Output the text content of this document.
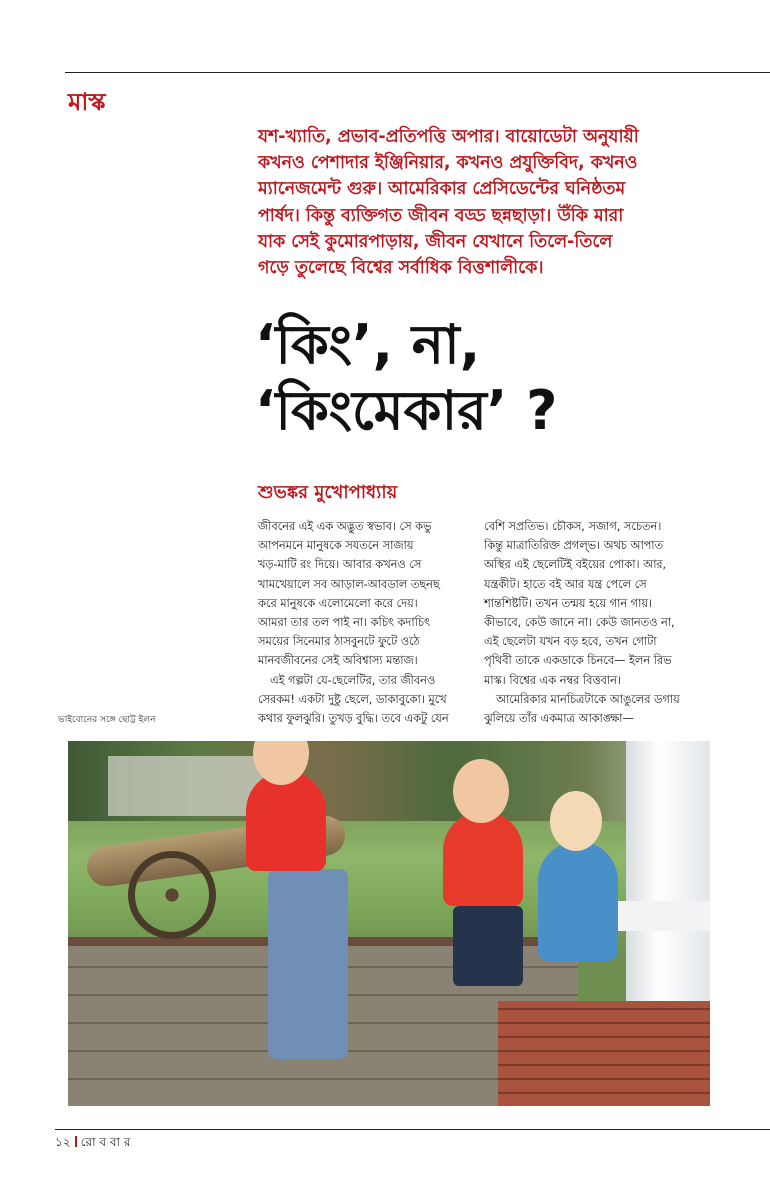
মাস্ক
যশ-খ্যাতি, প্রভাব-প্রতিপত্তি অপার। বায়োডেটা অনুযায়ী
কখনও পেশাদার ইঞ্জিনিয়ার, কখনও প্রযুক্তিবিদ, কখনও
ম্যানেজমেন্ট গুরু। আমেরিকার প্রেসিডেন্টের ঘনিষ্ঠতম
পার্ষদ। কিন্তু ব্যক্তিগত জীবন বড্ড ছন্নছাড়া। উঁকি মারা
যাক সেই কুমোরপাড়ায়, জীবন যেখানে তিলে-তিলে
গড়ে তুলেছে বিশ্বের সর্বাধিক বিত্তশালীকে।
‘কিং’, না,
‘কিংমেকার’ ?
শুভঙ্কর মুখোপাধ্যায়
জীবনের এই এক অদ্ভুত স্বভাব। সে কভু
আপনমনে মানুষকে সযতনে সাজায়
খড়-মাটি রং দিয়ে। আবার কখনও সে
খামখেয়ালে সব আড়াল-আবডাল তছনছ
করে মানুষকে এলোমেলো করে দেয়।
আমরা তার তল পাই না। কচিৎ কদাচিৎ
সময়ের সিনেমার ঠাসবুনটে ফুটে ওঠে
মানবজীবনের সেই অবিশ্বাস্য মন্তাজ।
এই গল্পটা যে-ছেলেটির, তার জীবনও
সেরকম! একটা দুষ্টু ছেলে, ডাকাবুকো। মুখে
কথার ফুলঝুরি। তুখড় বুদ্ধি। তবে একটু যেন
বেশি সপ্রতিভ। চৌকস, সজাগ, সচেতন।
কিন্তু মাত্রাতিরিক্ত প্রগল্‌ভ। অথচ আপাত
অস্থির এই ছেলেটিই বইয়ের পোকা। আর,
যন্ত্রকীট। হাতে বই আর যন্ত্র পেলে সে
শান্তশিষ্টটি। তখন তন্ময় হয়ে গান গায়।
কীভাবে, কেউ জানে না। কেউ জানতও না,
এই ছেলেটা যখন বড় হবে, তখন গোটা
পৃথিবী তাকে একডাকে চিনবে— ইলন রিভ
মাস্ক। বিশ্বের এক নম্বর বিত্তবান।
আমেরিকার মানচিত্রটাকে আঙুলের ডগায়
ঝুলিয়ে তাঁর একমাত্র আকাঙ্ক্ষা—
ভাইবোনের সঙ্গে ছোট্ট ইলন
১২ রো ব বা র
